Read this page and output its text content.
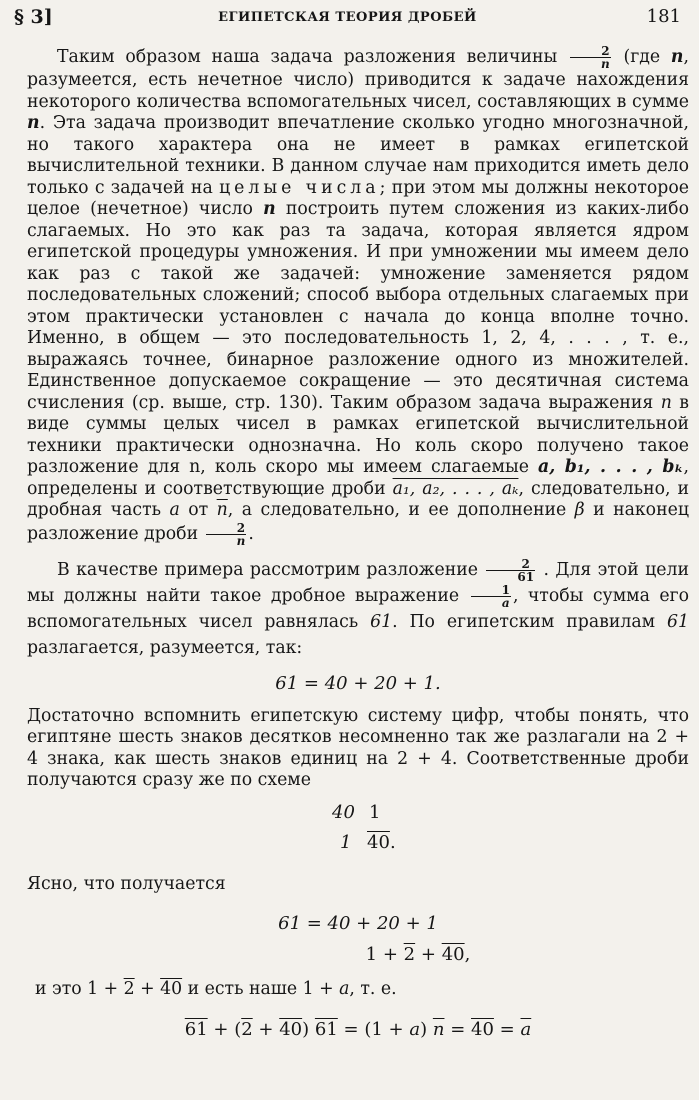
§ 3]	ЕГИПЕТСКАЯ ТЕОРИЯ ДРОБЕЙ	181

Таким образом наша задача разложения величины $\frac{2}{n} (где$ n, разумеется, есть нечетное число) приводится к задаче нахождения некоторого количества вспомогательных чисел, составляющих в сумме n. Эта задача производит впечатление сколько угодно многозначной, но такого характера она не имеет в рамках египетской вычислительной техники. В данном случае нам приходится иметь дело только с задачей на целые числа; при этом мы должны некоторое целое (нечетное) число n построить путем сложения из каких-либо слагаемых. Но это как раз та задача, которая является ядром египетской процедуры умножения. И при умножении мы имеем дело как раз с такой же задачей: умножение заменяется рядом последовательных сложений; способ выбора отдельных слагаемых при этом практически установлен с начала до конца вполне точно. Именно, в общем — это последовательность 1, 2, 4, . . . , т. е., выражаясь точнее, бинарное разложение одного из множителей. Единственное допускаемое сокращение — это десятичная система счисления (ср. выше, стр. 130). Таким образом задача выражения n в виде суммы целых чисел в рамках египетской вычислительной техники практически однозначна. Но коль скоро получено такое разложение для n, коль скоро мы имеем слагаемые a, b₁, . . . , bₖ, определены и соответствующие дроби a₁, a₂, . . . , aₖ, следовательно, и дробная часть a от $\overline{n}$, а следовательно, и ее дополнение β и наконец разложение дроби $\frac{2}{n}$ .

В качестве примера рассмотрим разложение $\frac{2}{61}$ . Для этой цели мы должны найти такое дробное выражение $\frac{1}{a}$ , чтобы сумма его вспомогательных чисел равнялась 61. По египетским правилам 61 разлагается, разумеется, так:

61 = 40 + 20 + 1.

Достаточно вспомнить египетскую систему цифр, чтобы понять, что египтяне шесть знаков десятков несомненно так же разлагали на 2 + 4 знака, как шесть знаков единиц на 2 + 4. Соответственные дроби получаются сразу же по схеме

40 1
1 40 .

Ясно, что получается

61 = 40 + 20 + 1

1 + 2 + 40,

и это 1 + 2 + 40 и есть наше 1 + a, т. е.

61 + (2 + 40) 61 = (1 + a) $\overline{n} = 40 = \overline{a}$
